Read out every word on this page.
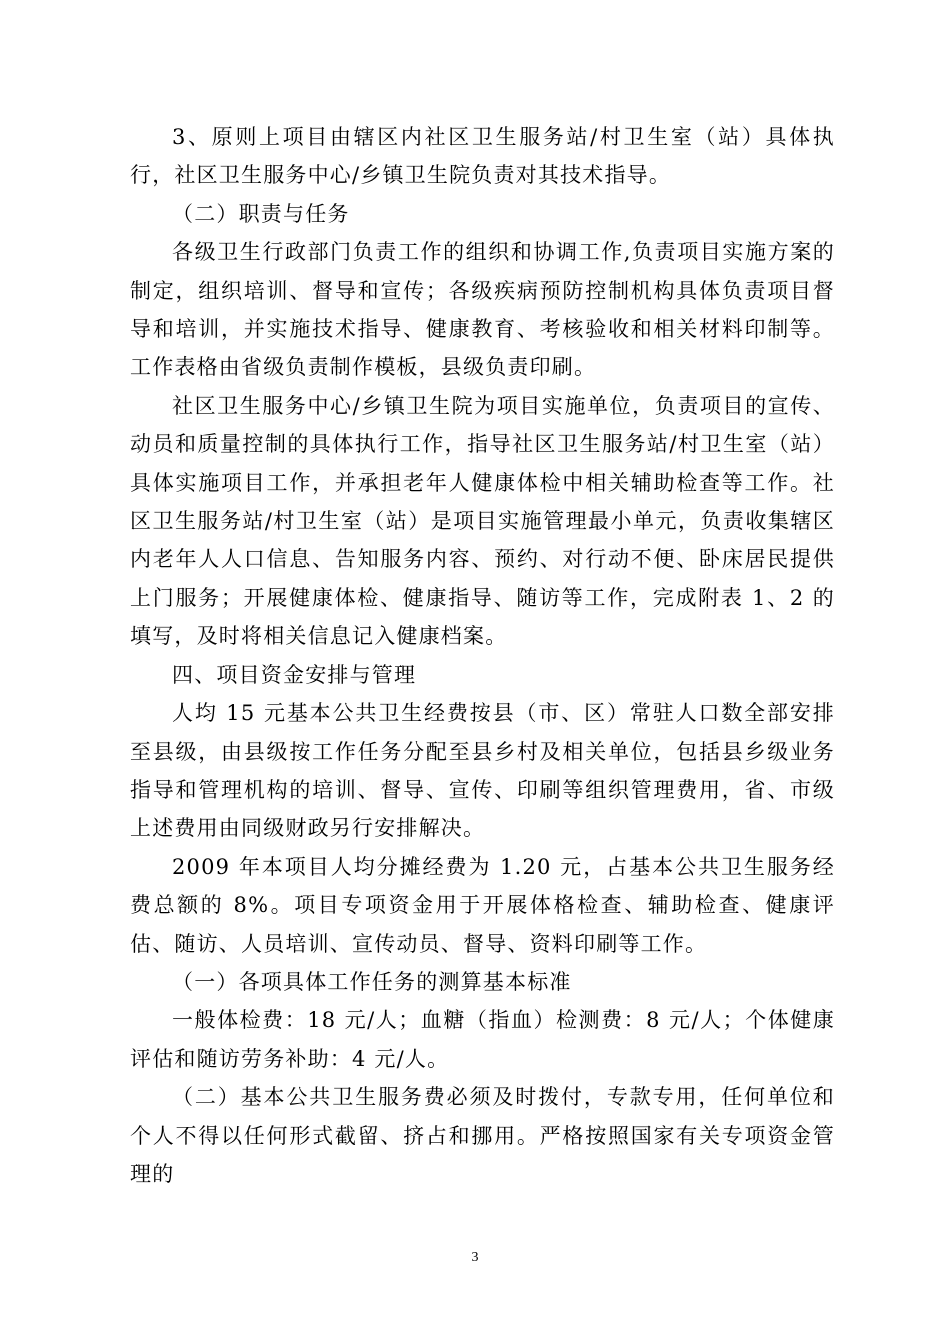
3、原则上项目由辖区内社区卫生服务站/村卫生室（站）具体执行，社区卫生服务中心/乡镇卫生院负责对其技术指导。

（二）职责与任务

各级卫生行政部门负责工作的组织和协调工作,负责项目实施方案的制定，组织培训、督导和宣传；各级疾病预防控制机构具体负责项目督导和培训，并实施技术指导、健康教育、考核验收和相关材料印制等。工作表格由省级负责制作模板，县级负责印刷。

社区卫生服务中心/乡镇卫生院为项目实施单位，负责项目的宣传、动员和质量控制的具体执行工作，指导社区卫生服务站/村卫生室（站）具体实施项目工作，并承担老年人健康体检中相关辅助检查等工作。社区卫生服务站/村卫生室（站）是项目实施管理最小单元，负责收集辖区内老年人人口信息、告知服务内容、预约、对行动不便、卧床居民提供上门服务；开展健康体检、健康指导、随访等工作，完成附表 1、2 的填写，及时将相关信息记入健康档案。

四、项目资金安排与管理

人均 15 元基本公共卫生经费按县（市、区）常驻人口数全部安排至县级，由县级按工作任务分配至县乡村及相关单位，包括县乡级业务指导和管理机构的培训、督导、宣传、印刷等组织管理费用，省、市级上述费用由同级财政另行安排解决。

2009 年本项目人均分摊经费为 1.20 元，占基本公共卫生服务经费总额的 8%。项目专项资金用于开展体格检查、辅助检查、健康评估、随访、人员培训、宣传动员、督导、资料印刷等工作。

（一）各项具体工作任务的测算基本标准

一般体检费：18 元/人；血糖（指血）检测费：8 元/人；个体健康评估和随访劳务补助：4 元/人。

（二）基本公共卫生服务费必须及时拨付，专款专用，任何单位和个人不得以任何形式截留、挤占和挪用。严格按照国家有关专项资金管理的

3
